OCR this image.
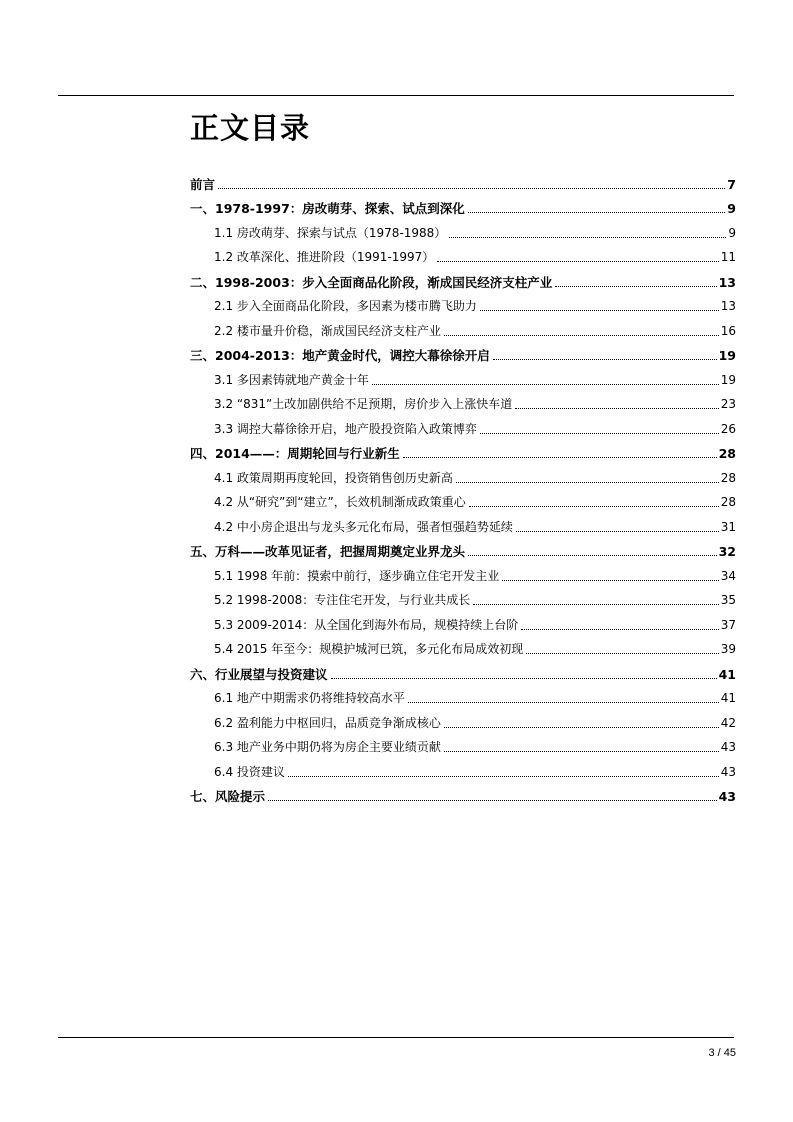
正文目录
前言	7
一、1978-1997：房改萌芽、探索、试点到深化	9
1.1 房改萌芽、探索与试点（1978-1988）	9
1.2 改革深化、推进阶段（1991-1997）	11
二、1998-2003：步入全面商品化阶段，渐成国民经济支柱产业	13
2.1 步入全面商品化阶段，多因素为楼市腾飞助力	13
2.2 楼市量升价稳，渐成国民经济支柱产业	16
三、2004-2013：地产黄金时代，调控大幕徐徐开启	19
3.1 多因素铸就地产黄金十年	19
3.2 “831”土改加剧供给不足预期，房价步入上涨快车道	23
3.3 调控大幕徐徐开启，地产股投资陷入政策博弈	26
四、2014——：周期轮回与行业新生	28
4.1 政策周期再度轮回，投资销售创历史新高	28
4.2 从“研究”到“建立”，长效机制渐成政策重心	28
4.2 中小房企退出与龙头多元化布局，强者恒强趋势延续	31
五、万科——改革见证者，把握周期奠定业界龙头	32
5.1 1998 年前：摸索中前行，逐步确立住宅开发主业	34
5.2 1998-2008：专注住宅开发，与行业共成长	35
5.3 2009-2014：从全国化到海外布局，规模持续上台阶	37
5.4 2015 年至今：规模护城河已筑，多元化布局成效初现	39
六、行业展望与投资建议	41
6.1 地产中期需求仍将维持较高水平	41
6.2 盈利能力中枢回归，品质竞争渐成核心	42
6.3 地产业务中期仍将为房企主要业绩贡献	43
6.4 投资建议	43
七、风险提示	43
3 / 45
